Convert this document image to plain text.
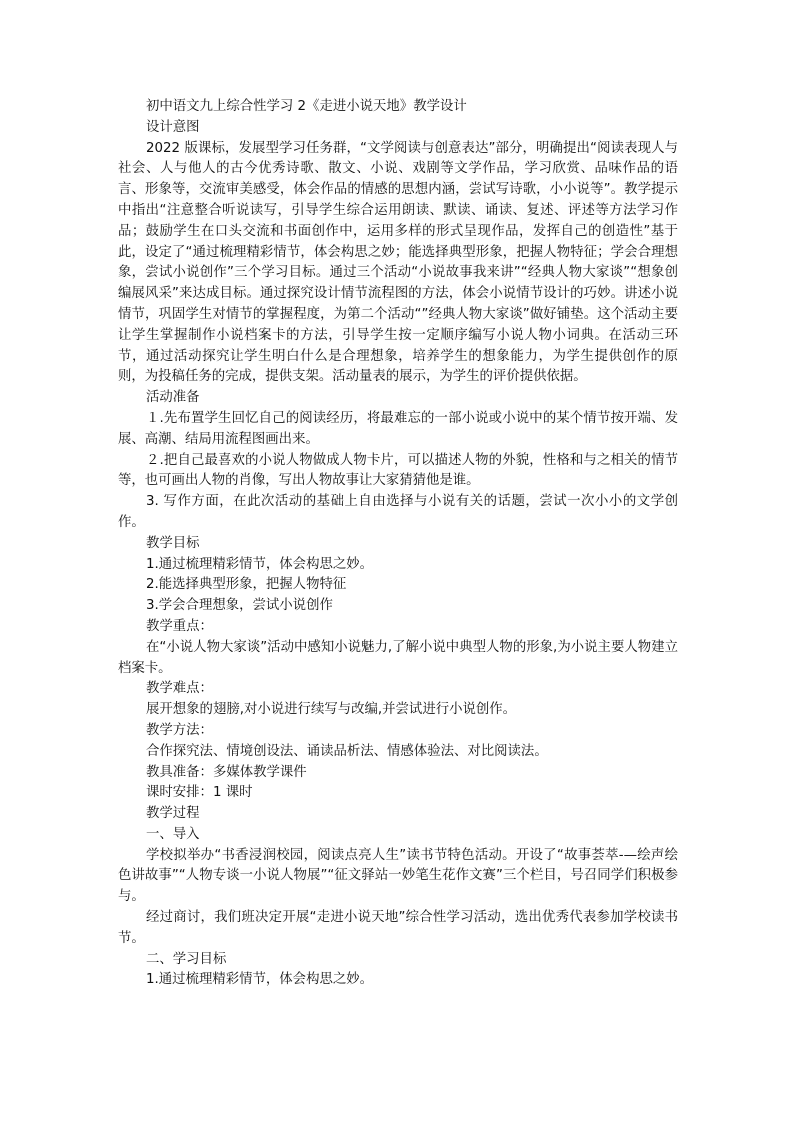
初中语文九上综合性学习 2《走进小说天地》教学设计

设计意图

2022 版课标，发展型学习任务群，“文学阅读与创意表达”部分，明确提出“阅读表现人与社会、人与他人的古今优秀诗歌、散文、小说、戏剧等文学作品，学习欣赏、品味作品的语言、形象等，交流审美感受，体会作品的情感的思想内涵，尝试写诗歌，小小说等”。教学提示中指出“注意整合听说读写，引导学生综合运用朗读、默读、诵读、复述、评述等方法学习作品；鼓励学生在口头交流和书面创作中，运用多样的形式呈现作品，发挥自己的创造性”基于此，设定了“通过梳理精彩情节，体会构思之妙；能选择典型形象，把握人物特征；学会合理想象，尝试小说创作”三个学习目标。通过三个活动“小说故事我来讲”“经典人物大家谈”“想象创编展风采”来达成目标。通过探究设计情节流程图的方法，体会小说情节设计的巧妙。讲述小说情节，巩固学生对情节的掌握程度，为第二个活动“”经典人物大家谈”做好铺垫。这个活动主要让学生掌握制作小说档案卡的方法，引导学生按一定顺序编写小说人物小词典。在活动三环节，通过活动探究让学生明白什么是合理想象，培养学生的想象能力，为学生提供创作的原则，为投稿任务的完成，提供支架。活动量表的展示，为学生的评价提供依据。

活动准备

１.先布置学生回忆自己的阅读经历，将最难忘的一部小说或小说中的某个情节按开端、发展、高潮、结局用流程图画出来。

２.把自己最喜欢的小说人物做成人物卡片，可以描述人物的外貌，性格和与之相关的情节等，也可画出人物的肖像，写出人物故事让大家猜猜他是谁。

3. 写作方面，在此次活动的基础上自由选择与小说有关的话题，尝试一次小小的文学创作。

教学目标

1.通过梳理精彩情节，体会构思之妙。

2.能选择典型形象，把握人物特征

3.学会合理想象，尝试小说创作

教学重点：

在“小说人物大家谈”活动中感知小说魅力,了解小说中典型人物的形象,为小说主要人物建立档案卡。

教学难点：

展开想象的翅膀,对小说进行续写与改编,并尝试进行小说创作。

教学方法：

合作探究法、情境创设法、诵读品析法、情感体验法、对比阅读法。

教具准备：多媒体教学课件

课时安排：1 课时

教学过程

一、导入

学校拟举办“书香浸润校园，阅读点亮人生”读书节特色活动。开设了“故事荟萃-—绘声绘色讲故事”“人物专谈一小说人物展”“征文驿站一妙笔生花作文赛”三个栏目，号召同学们积极参与。

经过商讨，我们班决定开展“走进小说天地”综合性学习活动，选出优秀代表参加学校读书节。

二、学习目标

1.通过梳理精彩情节，体会构思之妙。
